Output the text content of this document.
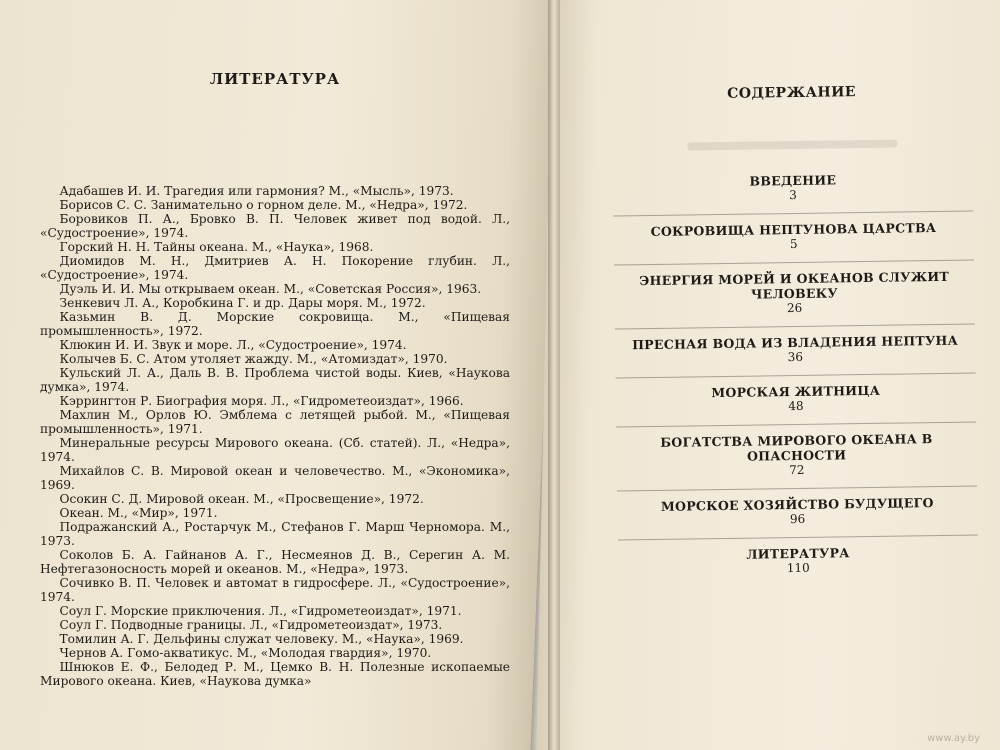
ЛИТЕРАТУРА
Адабашев И. И. Трагедия или гармония? М., «Мысль», 1973.
Борисов С. С. Занимательно о горном деле. М., «Недра», 1972.
Боровиков П. А., Бровко В. П. Человек живет под водой. Л., «Судостроение», 1974.
Горский Н. Н. Тайны океана. М., «Наука», 1968.
Диомидов М. Н., Дмитриев А. Н. Покорение глубин. Л., «Судостроение», 1974.
Дуэль И. И. Мы открываем океан. М., «Советская Россия», 1963.
Зенкевич Л. А., Коробкина Г. и др. Дары моря. М., 1972.
Казьмин В. Д. Морские сокровища. М., «Пищевая промышленность», 1972.
Клюкин И. И. Звук и море. Л., «Судостроение», 1974.
Колычев Б. С. Атом утоляет жажду. М., «Атомиздат», 1970.
Кульский Л. А., Даль В. В. Проблема чистой воды. Киев, «Наукова думка», 1974.
Кэррингтон Р. Биография моря. Л., «Гидрометеоиздат», 1966.
Махлин М., Орлов Ю. Эмблема с летящей рыбой. М., «Пищевая промышленность», 1971.
Минеральные ресурсы Мирового океана. (Сб. статей). Л., «Недра», 1974.
Михайлов С. В. Мировой океан и человечество. М., «Экономика», 1969.
Осокин С. Д. Мировой океан. М., «Просвещение», 1972.
Океан. М., «Мир», 1971.
Подражанский А., Ростарчук М., Стефанов Г. Марш Черномора. М., 1973.
Соколов Б. А. Гайнанов А. Г., Несмеянов Д. В., Серегин А. М. Нефтегазоносность морей и океанов. М., «Недра», 1973.
Сочивко В. П. Человек и автомат в гидросфере. Л., «Судостроение», 1974.
Соул Г. Морские приключения. Л., «Гидрометеоиздат», 1971.
Соул Г. Подводные границы. Л., «Гидрометеоиздат», 1973.
Томилин А. Г. Дельфины служат человеку. М., «Наука», 1969.
Чернов А. Гомо-акватикус. М., «Молодая гвардия», 1970.
Шнюков Е. Ф., Белодед Р. М., Цемко В. Н. Полезные ископаемые Мирового океана. Киев, «Наукова думка»
СОДЕРЖАНИЕ
ВВЕДЕНИЕ
3
СОКРОВИЩА НЕПТУНОВА ЦАРСТВА
5
ЭНЕРГИЯ МОРЕЙ И ОКЕАНОВ СЛУЖИТ ЧЕЛОВЕКУ
26
ПРЕСНАЯ ВОДА ИЗ ВЛАДЕНИЯ НЕПТУНА
36
МОРСКАЯ ЖИТНИЦА
48
БОГАТСТВА МИРОВОГО ОКЕАНА В ОПАСНОСТИ
72
МОРСКОЕ ХОЗЯЙСТВО БУДУЩЕГО
96
ЛИТЕРАТУРА
110
www.ay.by
